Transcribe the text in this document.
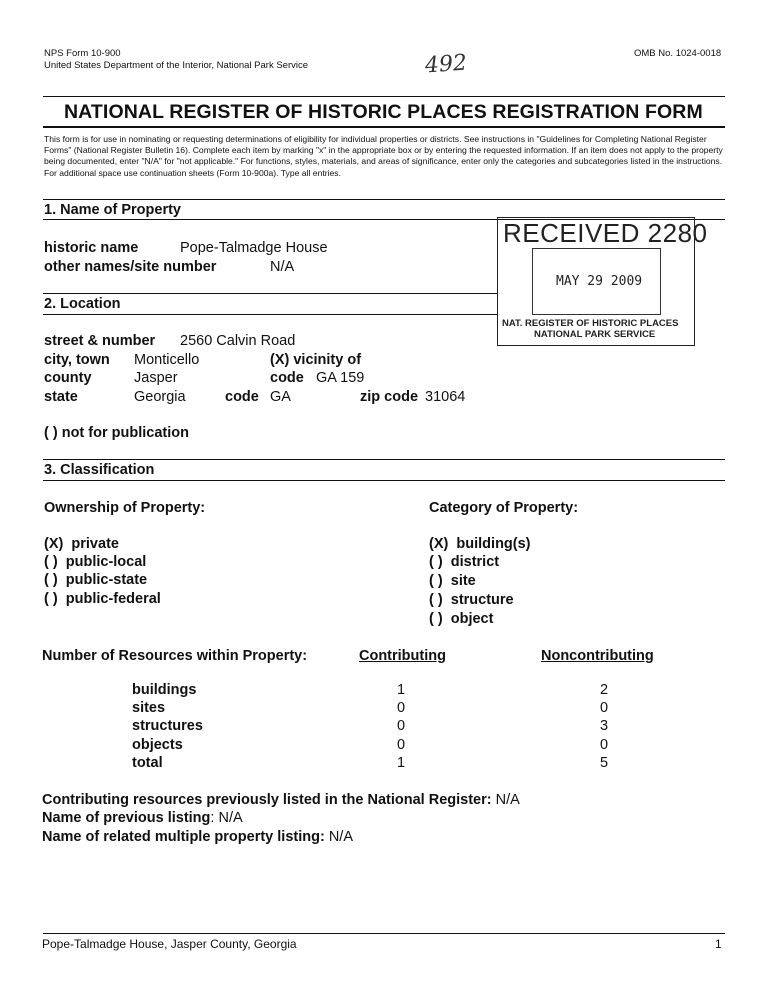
NPS Form 10-900
United States Department of the Interior, National Park Service
OMB No. 1024-0018
492
NATIONAL REGISTER OF HISTORIC PLACES REGISTRATION FORM
This form is for use in nominating or requesting determinations of eligibility for individual properties or districts. See instructions in "Guidelines for Completing National Register Forms" (National Register Bulletin 16). Complete each item by marking "x" in the appropriate box or by entering the requested information. If an item does not apply to the property being documented, enter "N/A" for "not applicable." For functions, styles, materials, and areas of significance, enter only the categories and subcategories listed in the instructions. For additional space use continuation sheets (Form 10-900a). Type all entries.
1. Name of Property
historic name	Pope-Talmadge House
other names/site number	N/A
2. Location
RECEIVED 2280
MAY 29 2009
NAT. REGISTER OF HISTORIC PLACES
NATIONAL PARK SERVICE
street & number 2560 Calvin Road
city, town Monticello	(X) vicinity of
county	Jasper	code GA 159
state	Georgia	code GA	zip code 31064
( ) not for publication
3. Classification
Ownership of Property:	Category of Property:
(X) private
( ) public-local
( ) public-state
( ) public-federal
(X) building(s)
( ) district
( ) site
( ) structure
( ) object
Number of Resources within Property:	Contributing	Noncontributing
buildings	1	2
sites	0	0
structures	0	3
objects	0	0
total	1	5
Contributing resources previously listed in the National Register: N/A
Name of previous listing: N/A
Name of related multiple property listing: N/A
Pope-Talmadge House, Jasper County, Georgia	1
